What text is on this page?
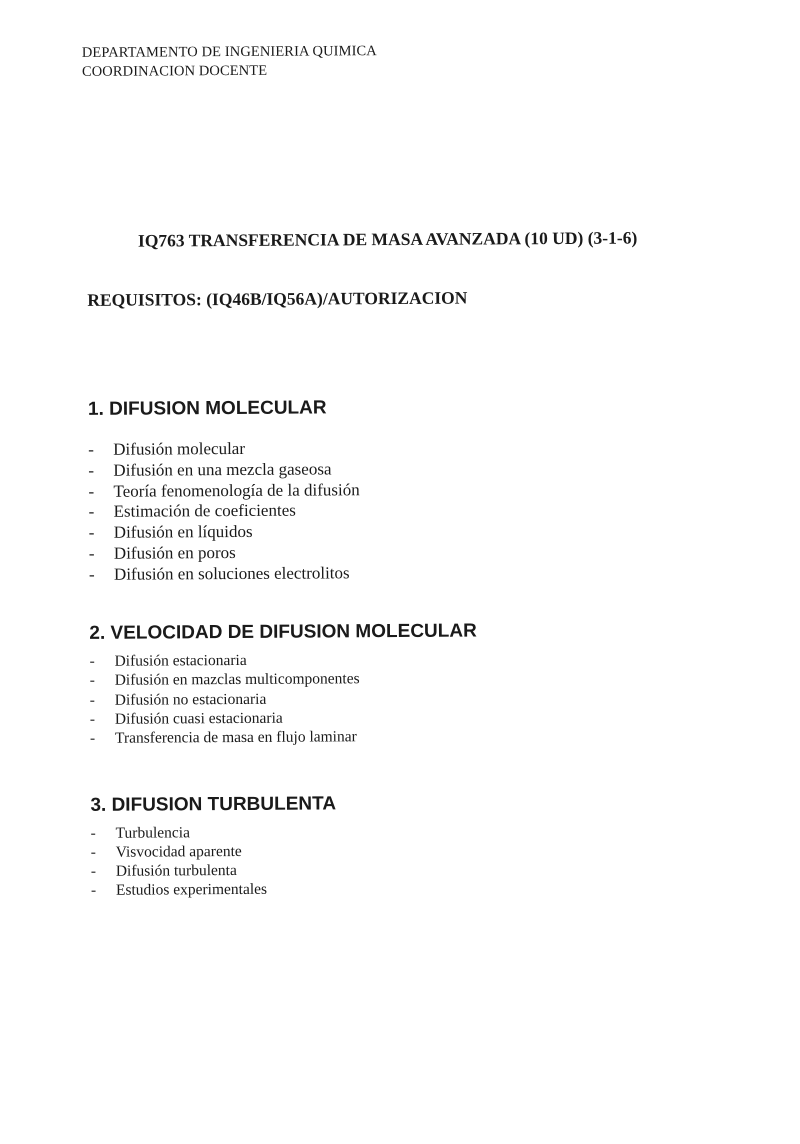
DEPARTAMENTO DE INGENIERIA QUIMICA
COORDINACION DOCENTE
IQ763 TRANSFERENCIA DE MASA AVANZADA (10 UD) (3-1-6)
REQUISITOS: (IQ46B/IQ56A)/AUTORIZACION
1. DIFUSION MOLECULAR
- Difusión molecular
- Difusión en una mezcla gaseosa
- Teoría fenomenología de la difusión
- Estimación de coeficientes
- Difusión en líquidos
- Difusión en poros
- Difusión en soluciones electrolitos
2. VELOCIDAD DE DIFUSION MOLECULAR
- Difusión estacionaria
- Difusión en mazclas multicomponentes
- Difusión no estacionaria
- Difusión cuasi estacionaria
- Transferencia de masa en flujo laminar
3. DIFUSION TURBULENTA
- Turbulencia
- Visvocidad aparente
- Difusión turbulenta
- Estudios experimentales
